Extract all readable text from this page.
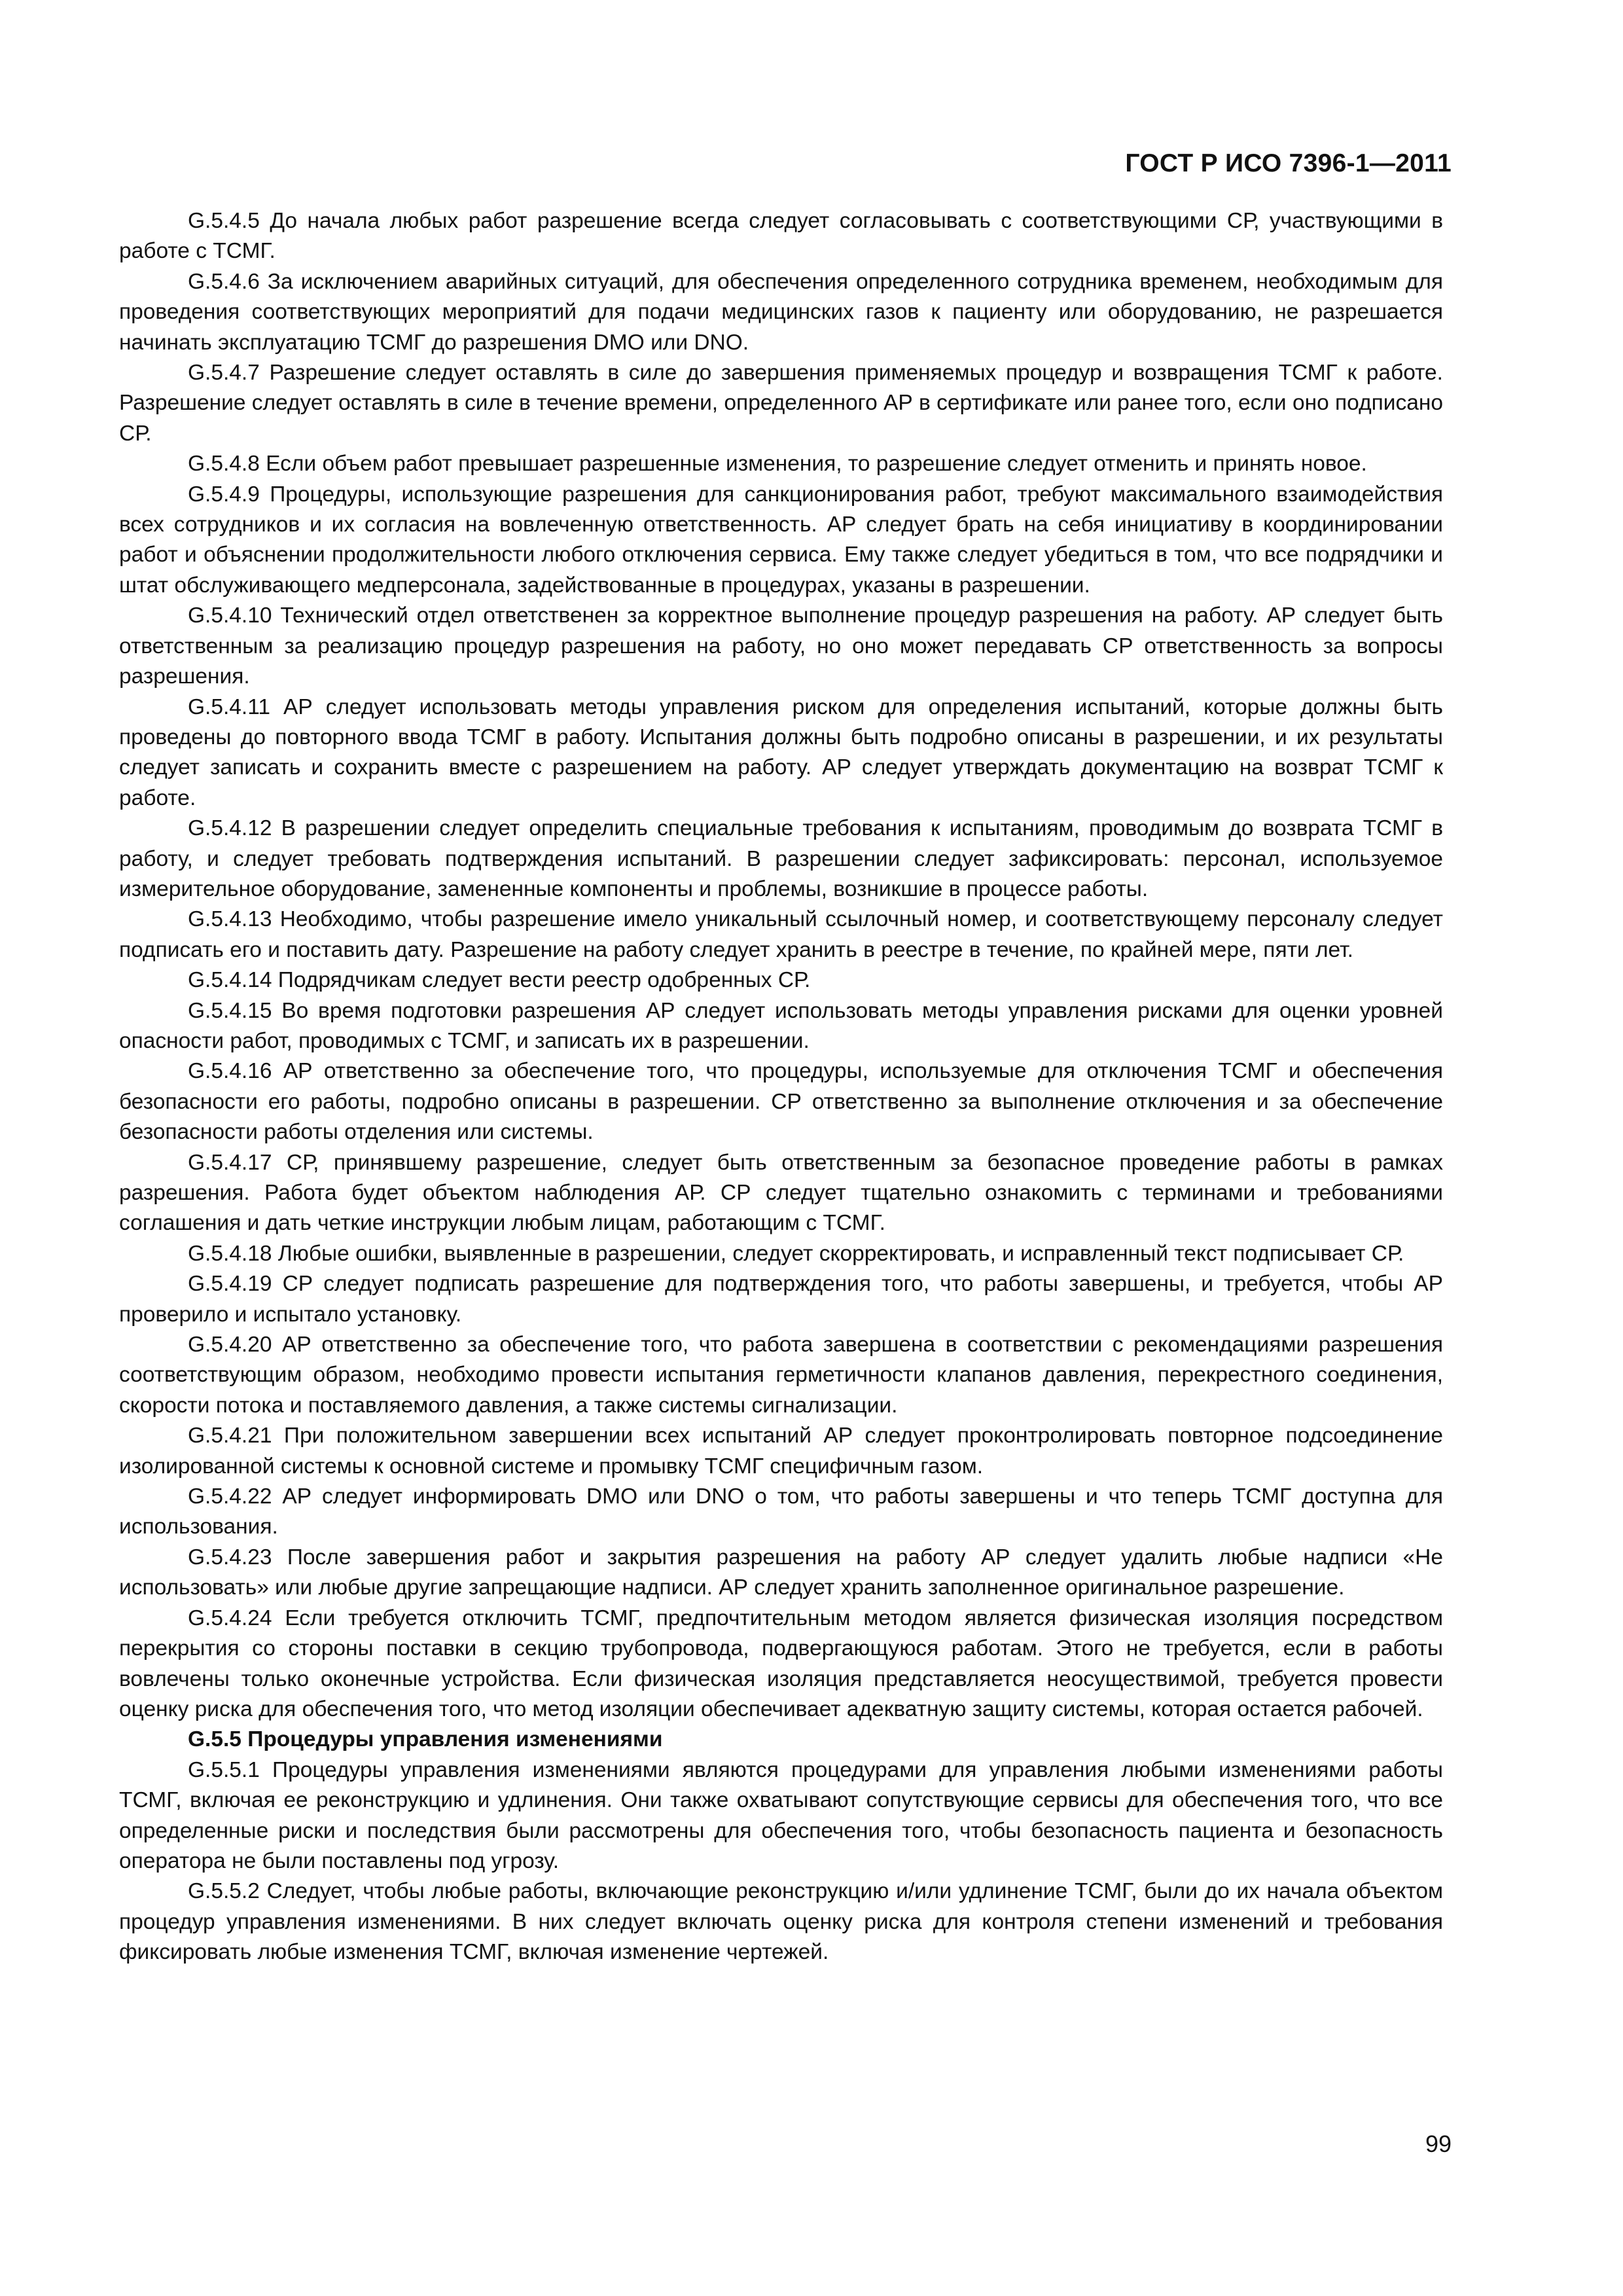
ГОСТ Р ИСО 7396-1—2011

G.5.4.5 До начала любых работ разрешение всегда следует согласовывать с соответствующими СР, участвующими в работе с ТСМГ.

G.5.4.6 За исключением аварийных ситуаций, для обеспечения определенного сотрудника временем, необходимым для проведения соответствующих мероприятий для подачи медицинских газов к пациенту или оборудованию, не разрешается начинать эксплуатацию ТСМГ до разрешения DMO или DNO.

G.5.4.7 Разрешение следует оставлять в силе до завершения применяемых процедур и возвращения ТСМГ к работе. Разрешение следует оставлять в силе в течение времени, определенного АР в сертификате или ранее того, если оно подписано СР.

G.5.4.8 Если объем работ превышает разрешенные изменения, то разрешение следует отменить и принять новое.

G.5.4.9 Процедуры, использующие разрешения для санкционирования работ, требуют максимального взаимодействия всех сотрудников и их согласия на вовлеченную ответственность. АР следует брать на себя инициативу в координировании работ и объяснении продолжительности любого отключения сервиса. Ему также следует убедиться в том, что все подрядчики и штат обслуживающего медперсонала, задействованные в процедурах, указаны в разрешении.

G.5.4.10 Технический отдел ответственен за корректное выполнение процедур разрешения на работу. АР следует быть ответственным за реализацию процедур разрешения на работу, но оно может передавать СР ответственность за вопросы разрешения.

G.5.4.11 АР следует использовать методы управления риском для определения испытаний, которые должны быть проведены до повторного ввода ТСМГ в работу. Испытания должны быть подробно описаны в разрешении, и их результаты следует записать и сохранить вместе с разрешением на работу. АР следует утверждать документацию на возврат ТСМГ к работе.

G.5.4.12 В разрешении следует определить специальные требования к испытаниям, проводимым до возврата ТСМГ в работу, и следует требовать подтверждения испытаний. В разрешении следует зафиксировать: персонал, используемое измерительное оборудование, замененные компоненты и проблемы, возникшие в процессе работы.

G.5.4.13 Необходимо, чтобы разрешение имело уникальный ссылочный номер, и соответствующему персоналу следует подписать его и поставить дату. Разрешение на работу следует хранить в реестре в течение, по крайней мере, пяти лет.

G.5.4.14 Подрядчикам следует вести реестр одобренных СР.

G.5.4.15 Во время подготовки разрешения АР следует использовать методы управления рисками для оценки уровней опасности работ, проводимых с ТСМГ, и записать их в разрешении.

G.5.4.16 АР ответственно за обеспечение того, что процедуры, используемые для отключения ТСМГ и обеспечения безопасности его работы, подробно описаны в разрешении. СР ответственно за выполнение отключения и за обеспечение безопасности работы отделения или системы.

G.5.4.17 СР, принявшему разрешение, следует быть ответственным за безопасное проведение работы в рамках разрешения. Работа будет объектом наблюдения АР. СР следует тщательно ознакомить с терминами и требованиями соглашения и дать четкие инструкции любым лицам, работающим с ТСМГ.

G.5.4.18 Любые ошибки, выявленные в разрешении, следует скорректировать, и исправленный текст подписывает СР.

G.5.4.19 СР следует подписать разрешение для подтверждения того, что работы завершены, и требуется, чтобы АР проверило и испытало установку.

G.5.4.20 АР ответственно за обеспечение того, что работа завершена в соответствии с рекомендациями разрешения соответствующим образом, необходимо провести испытания герметичности клапанов давления, перекрестного соединения, скорости потока и поставляемого давления, а также системы сигнализации.

G.5.4.21 При положительном завершении всех испытаний АР следует проконтролировать повторное подсоединение изолированной системы к основной системе и промывку ТСМГ специфичным газом.

G.5.4.22 АР следует информировать DMO или DNO о том, что работы завершены и что теперь ТСМГ доступна для использования.

G.5.4.23 После завершения работ и закрытия разрешения на работу АР следует удалить любые надписи «Не использовать» или любые другие запрещающие надписи. АР следует хранить заполненное оригинальное разрешение.

G.5.4.24 Если требуется отключить ТСМГ, предпочтительным методом является физическая изоляция посредством перекрытия со стороны поставки в секцию трубопровода, подвергающуюся работам. Этого не требуется, если в работы вовлечены только оконечные устройства. Если физическая изоляция представляется неосуществимой, требуется провести оценку риска для обеспечения того, что метод изоляции обеспечивает адекватную защиту системы, которая остается рабочей.

G.5.5 Процедуры управления изменениями

G.5.5.1 Процедуры управления изменениями являются процедурами для управления любыми изменениями работы ТСМГ, включая ее реконструкцию и удлинения. Они также охватывают сопутствующие сервисы для обеспечения того, что все определенные риски и последствия были рассмотрены для обеспечения того, чтобы безопасность пациента и безопасность оператора не были поставлены под угрозу.

G.5.5.2 Следует, чтобы любые работы, включающие реконструкцию и/или удлинение ТСМГ, были до их начала объектом процедур управления изменениями. В них следует включать оценку риска для контроля степени изменений и требования фиксировать любые изменения ТСМГ, включая изменение чертежей.

99
